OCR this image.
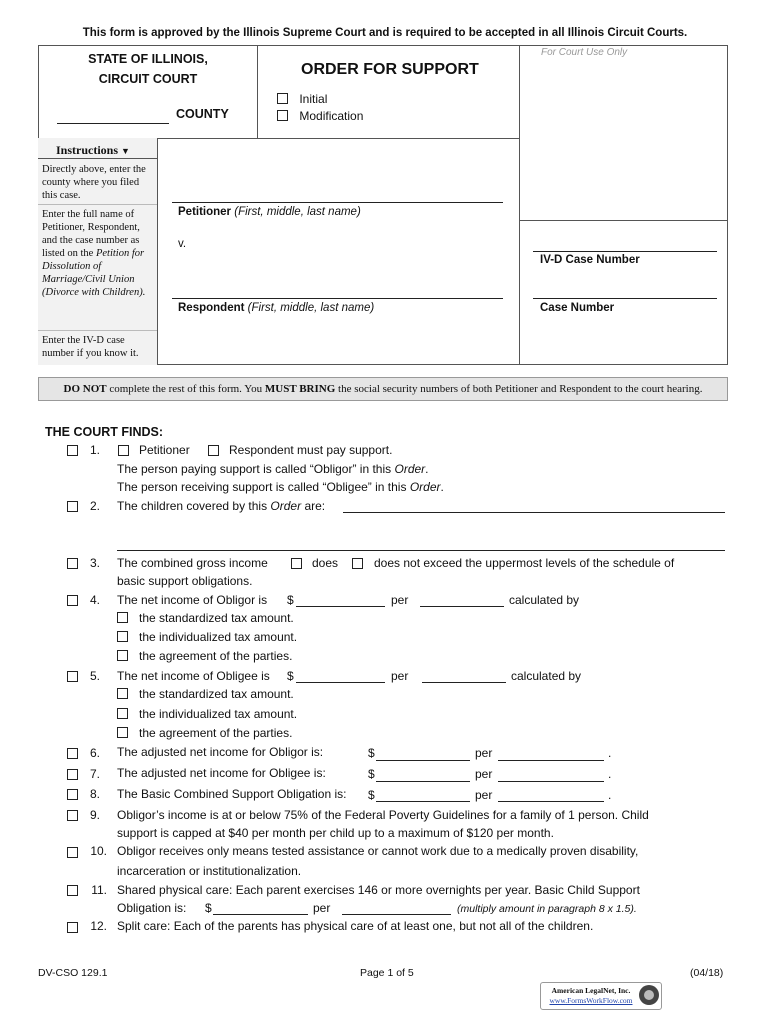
This form is approved by the Illinois Supreme Court and is required to be accepted in all Illinois Circuit Courts.
STATE OF ILLINOIS,
CIRCUIT COURT
COUNTY
ORDER FOR SUPPORT
Initial
Modification
For Court Use Only
Instructions ▼
Directly above, enter the county where you filed this case.
Enter the full name of Petitioner, Respondent, and the case number as listed on the Petition for Dissolution of Marriage/Civil Union (Divorce with Children).
Enter the IV-D case number if you know it.
Petitioner (First, middle, last name)
v.
Respondent (First, middle, last name)
IV-D Case Number
Case Number
DO NOT complete the rest of this form. You MUST BRING the social security numbers of both Petitioner and Respondent to the court hearing.
THE COURT FINDS:
1.	Petitioner	Respondent must pay support.
The person paying support is called “Obligor” in this Order.
The person receiving support is called “Obligee” in this Order.
2. The children covered by this Order are:
3. The combined gross income	does	does not exceed the uppermost levels of the schedule of
basic support obligations.
4. The net income of Obligor is $	per	calculated by
the standardized tax amount.
the individualized tax amount.
the agreement of the parties.
5. The net income of Obligee is $	per	calculated by
the standardized tax amount.
the individualized tax amount.
the agreement of the parties.
6. The adjusted net income for Obligor is:	$	per	.
7. The adjusted net income for Obligee is:	$	per	.
8. The Basic Combined Support Obligation is: $	per	.
9. Obligor’s income is at or below 75% of the Federal Poverty Guidelines for a family of 1 person. Child
support is capped at $40 per month per child up to a maximum of $120 per month.
10. Obligor receives only means tested assistance or cannot work due to a medically proven disability,
incarceration or institutionalization.
11. Shared physical care: Each parent exercises 146 or more overnights per year. Basic Child Support
Obligation is: $	per	(multiply amount in paragraph 8 x 1.5).
12. Split care: Each of the parents has physical care of at least one, but not all of the children.
DV-CSO 129.1	Page 1 of 5	(04/18)
American LegalNet, Inc.
www.FormsWorkFlow.com
